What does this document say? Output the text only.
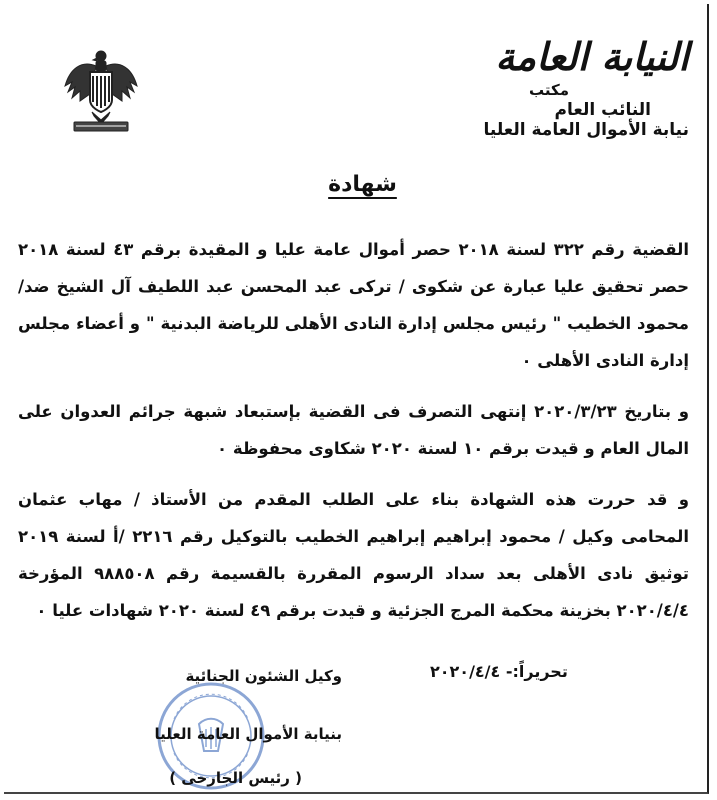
النيابة العامة
مكتب
النائب العام
نيابة الأموال العامة العليا
شهادة

القضية رقم ٣٢٢ لسنة ٢٠١٨ حصر أموال عامة عليا و المقيدة برقم ٤٣ لسنة ٢٠١٨ حصر تحقيق عليا عبارة عن شكوى / تركى عبد المحسن عبد اللطيف آل الشيخ ضد/ محمود الخطيب " رئيس مجلس إدارة النادى الأهلى للرياضة البدنية " و أعضاء مجلس إدارة النادى الأهلى ٠

و بتاريخ ٢٠٢٠/٣/٢٣ إنتهى التصرف فى القضية بإستبعاد شبهة جرائم العدوان على المال العام و قيدت برقم ١٠ لسنة ٢٠٢٠ شكاوى محفوظة ٠

و قد حررت هذه الشهادة بناء على الطلب المقدم من الأستاذ / مهاب عثمان المحامى وكيل / محمود إبراهيم إبراهيم الخطيب بالتوكيل رقم ٢٢١٦ /أ لسنة ٢٠١٩ توثيق نادى الأهلى بعد سداد الرسوم المقررة بالقسيمة رقم ٩٨٨٥٠٨ المؤرخة ٢٠٢٠/٤/٤ بخزينة محكمة المرج الجزئية و قيدت برقم ٤٩ لسنة ٢٠٢٠ شهادات عليا ٠

تحريراً:- ٢٠٢٠/٤/٤
وكيل الشئون الجنائية
بنيابة الأموال العامة العليا
( رئيس الجارحى )
